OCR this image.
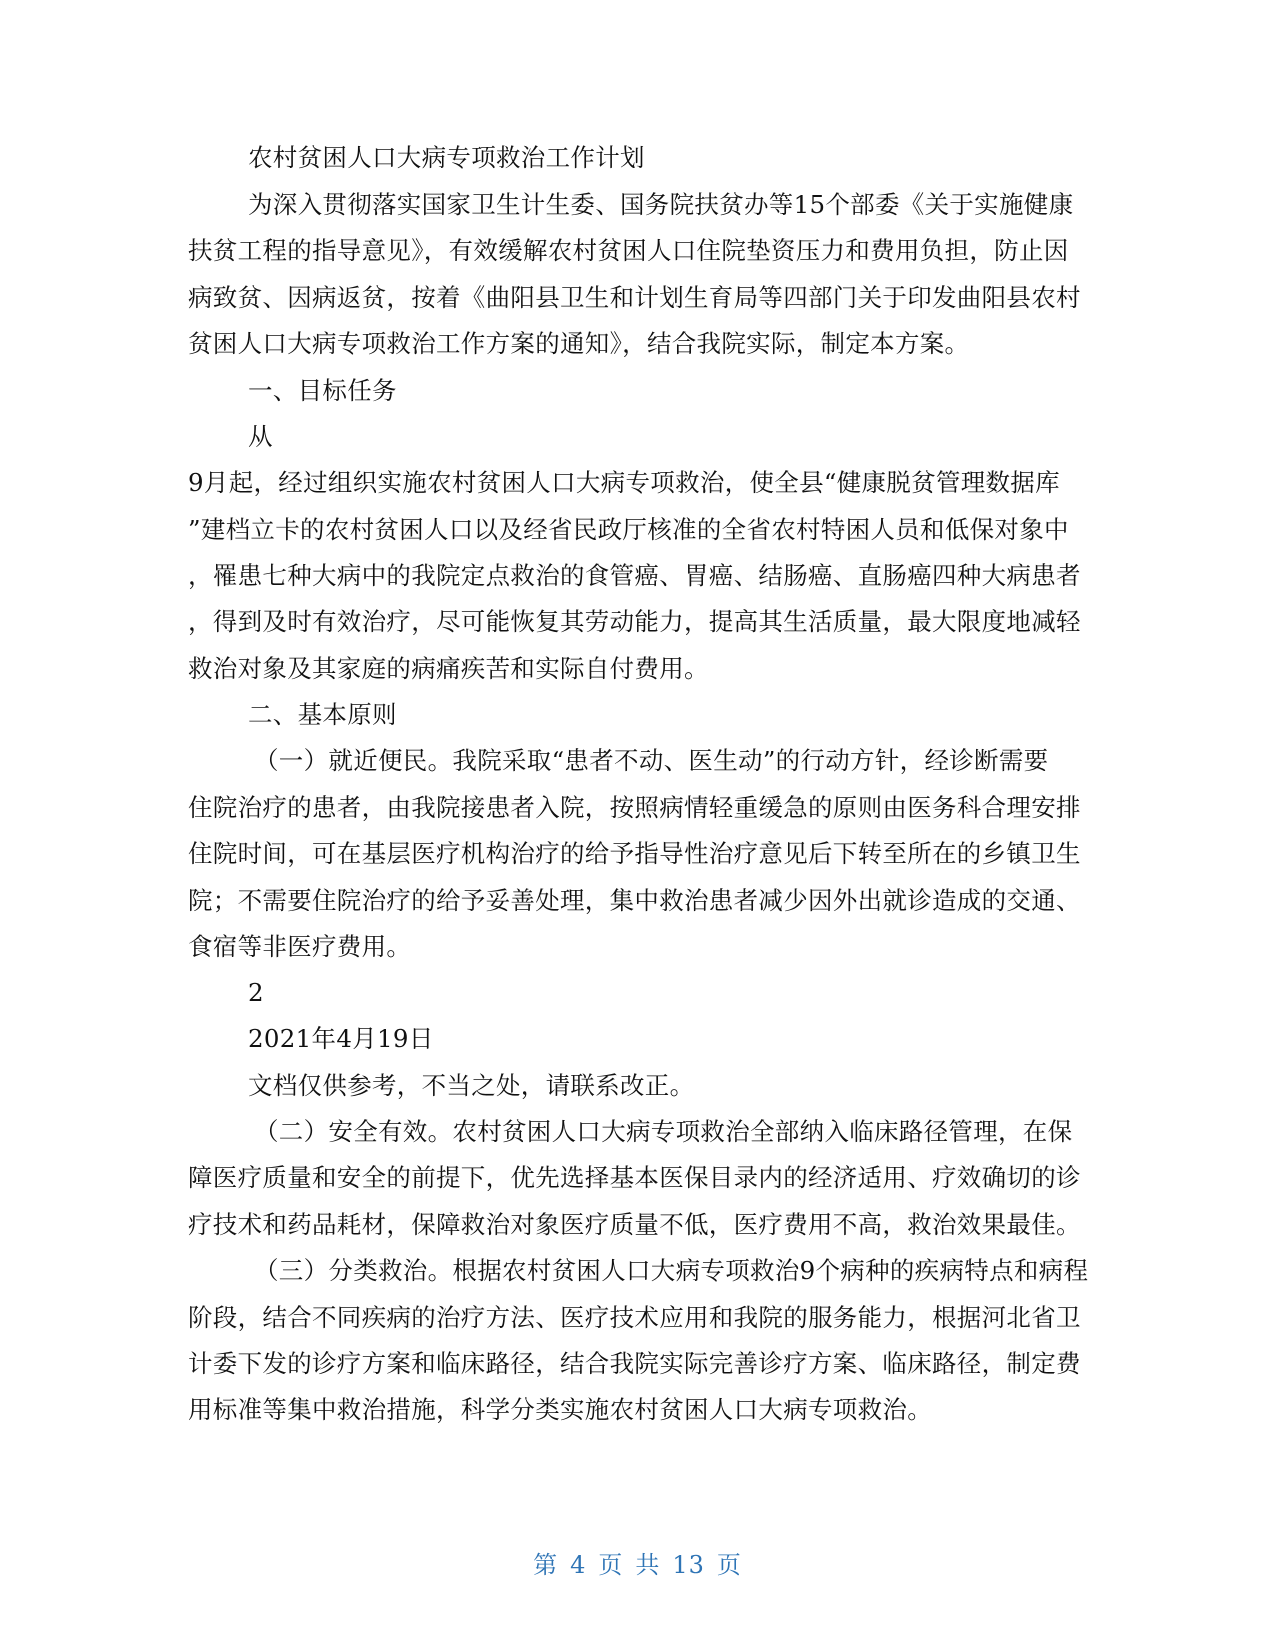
农村贫困人口大病专项救治工作计划
为深入贯彻落实国家卫生计生委、国务院扶贫办等15个部委《关于实施健康
扶贫工程的指导意见》，有效缓解农村贫困人口住院垫资压力和费用负担，防止因
病致贫、因病返贫，按着《曲阳县卫生和计划生育局等四部门关于印发曲阳县农村
贫困人口大病专项救治工作方案的通知》，结合我院实际，制定本方案。
一、目标任务
从
9月起，经过组织实施农村贫困人口大病专项救治，使全县“健康脱贫管理数据库
”建档立卡的农村贫困人口以及经省民政厅核准的全省农村特困人员和低保对象中
，罹患七种大病中的我院定点救治的食管癌、胃癌、结肠癌、直肠癌四种大病患者
，得到及时有效治疗，尽可能恢复其劳动能力，提高其生活质量，最大限度地减轻
救治对象及其家庭的病痛疾苦和实际自付费用。
二、基本原则
（一）就近便民。我院采取“患者不动、医生动”的行动方针，经诊断需要
住院治疗的患者，由我院接患者入院，按照病情轻重缓急的原则由医务科合理安排
住院时间，可在基层医疗机构治疗的给予指导性治疗意见后下转至所在的乡镇卫生
院；不需要住院治疗的给予妥善处理，集中救治患者减少因外出就诊造成的交通、
食宿等非医疗费用。
2
2021年4月19日
文档仅供参考，不当之处，请联系改正。
（二）安全有效。农村贫困人口大病专项救治全部纳入临床路径管理，在保
障医疗质量和安全的前提下，优先选择基本医保目录内的经济适用、疗效确切的诊
疗技术和药品耗材，保障救治对象医疗质量不低，医疗费用不高，救治效果最佳。
（三）分类救治。根据农村贫困人口大病专项救治9个病种的疾病特点和病程
阶段，结合不同疾病的治疗方法、医疗技术应用和我院的服务能力，根据河北省卫
计委下发的诊疗方案和临床路径，结合我院实际完善诊疗方案、临床路径，制定费
用标准等集中救治措施，科学分类实施农村贫困人口大病专项救治。
第 4 页 共 13 页
